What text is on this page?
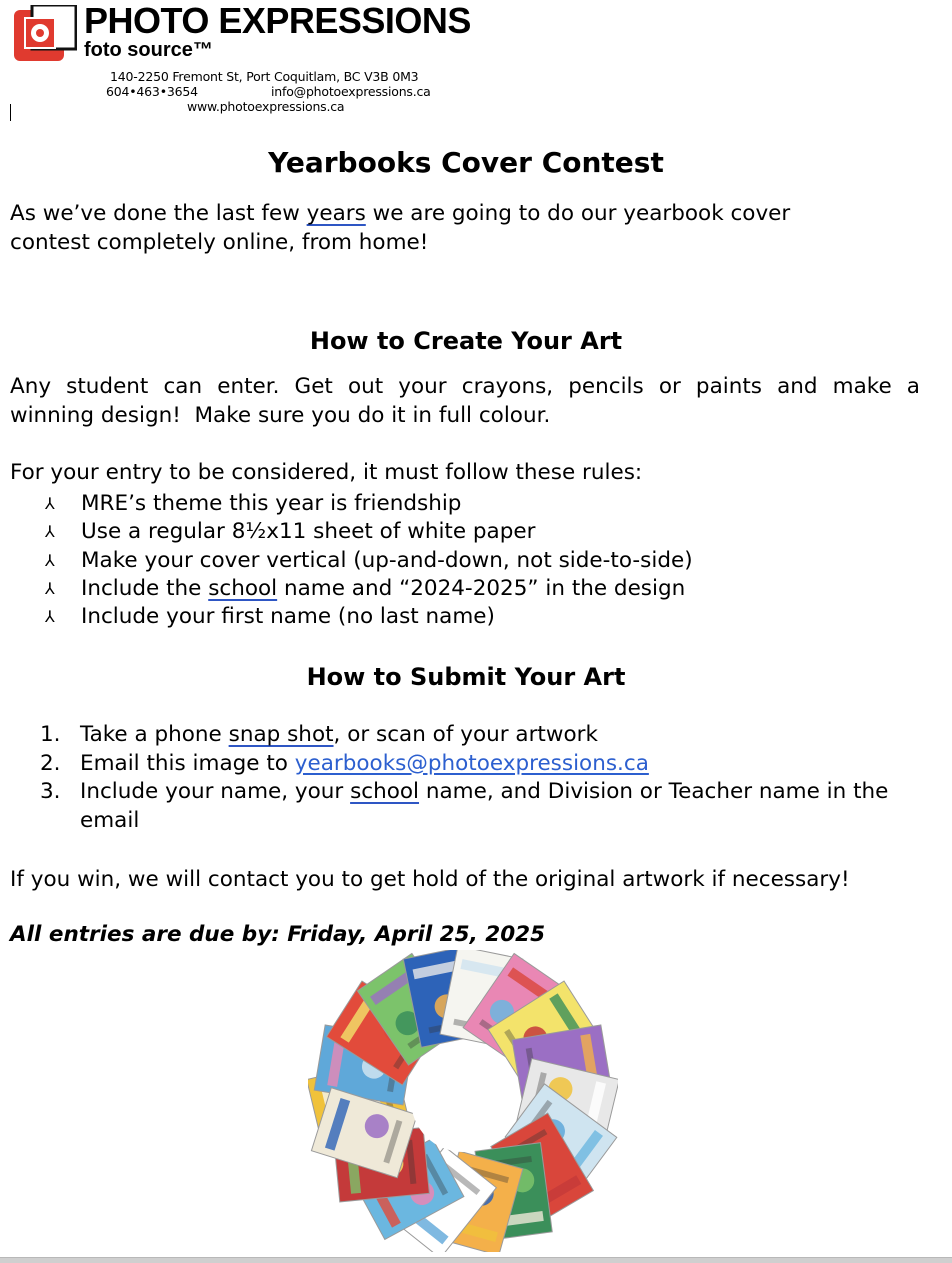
PHOTO EXPRESSIONS
foto source™
140-2250 Fremont St, Port Coquitlam, BC V3B 0M3
604•463•3654	info@photoexpressions.ca
www.photoexpressions.ca
Yearbooks Cover Contest
As we’ve done the last few years we are going to do our yearbook cover
contest completely online, from home!
How to Create Your Art
Any student can enter. Get out your crayons, pencils or paints and make a
winning design!  Make sure you do it in full colour.
For your entry to be considered, it must follow these rules:
⅄	MRE’s theme this year is friendship
⅄	Use a regular 8½x11 sheet of white paper
⅄	Make your cover vertical (up-and-down, not side-to-side)
⅄	Include the school name and “2024-2025” in the design
⅄	Include your first name (no last name)
How to Submit Your Art
1. Take a phone snap shot, or scan of your artwork
2. Email this image to yearbooks@photoexpressions.ca
3. Include your name, your school name, and Division or Teacher name in the
email
If you win, we will contact you to get hold of the original artwork if necessary!
All entries are due by: Friday, April 25, 2025
